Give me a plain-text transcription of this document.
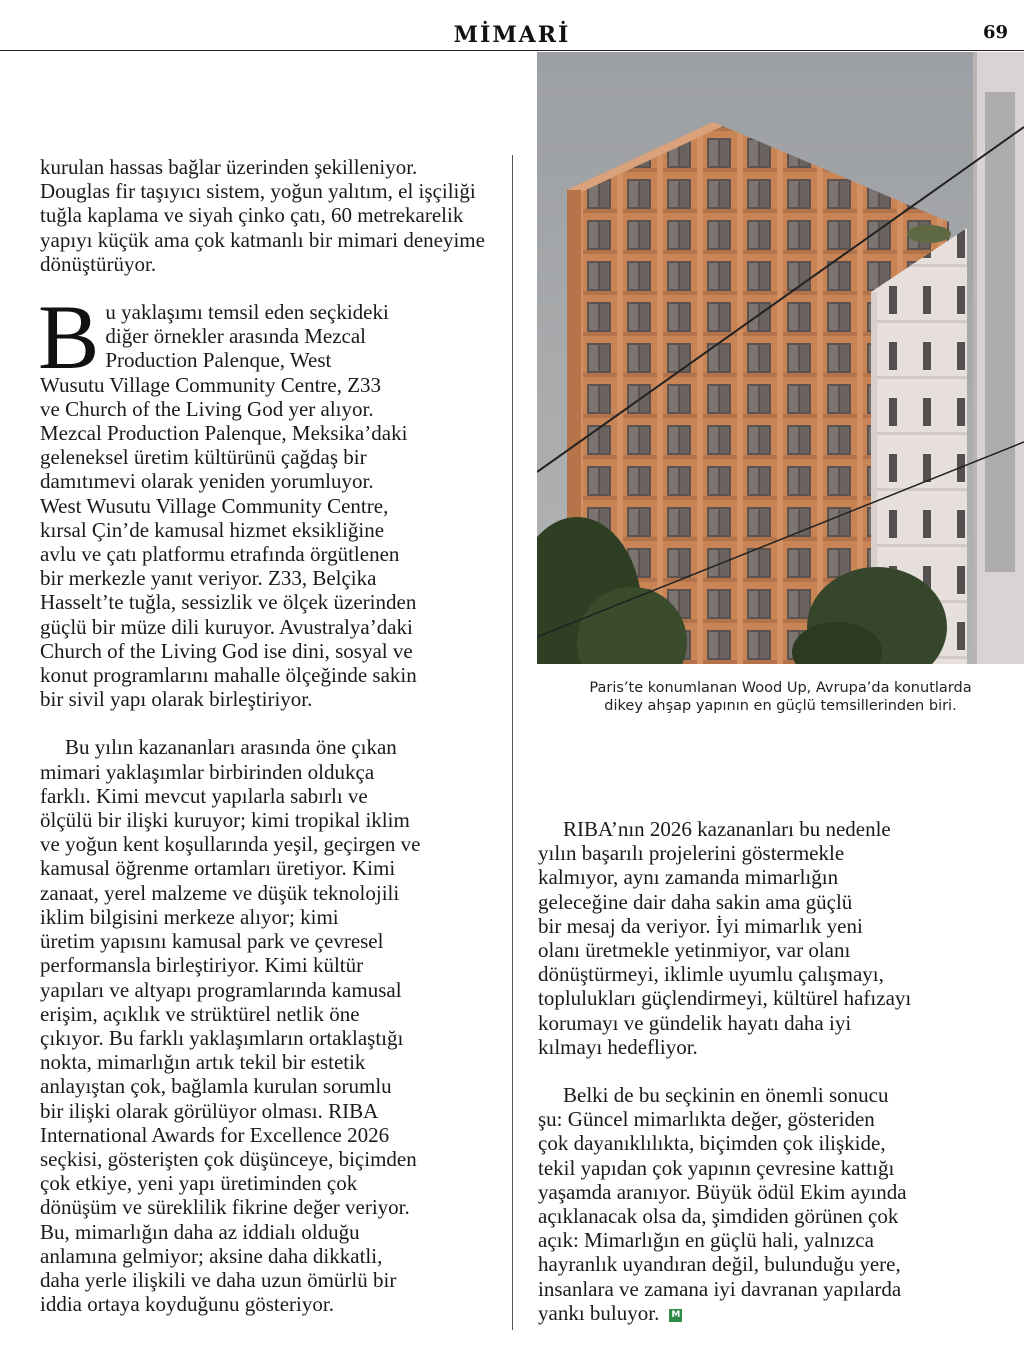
MİMARİ	69

kurulan hassas bağlar üzerinden şekilleniyor. Douglas fir taşıyıcı sistem, yoğun yalıtım, el işçiliği tuğla kaplama ve siyah çinko çatı, 60 metrekarelik yapıyı küçük ama çok katmanlı bir mimari deneyime dönüştürüyor.

B u yaklaşımı temsil eden seçkideki
diğer örnekler arasında Mezcal
Production Palenque, West
Wusutu Village Community Centre, Z33
ve Church of the Living God yer alıyor.
Mezcal Production Palenque, Meksika’daki
geleneksel üretim kültürünü çağdaş bir
damıtımevi olarak yeniden yorumluyor.
West Wusutu Village Community Centre,
kırsal Çin’de kamusal hizmet eksikliğine
avlu ve çatı platformu etrafında örgütlenen
bir merkezle yanıt veriyor. Z33, Belçika
Hasselt’te tuğla, sessizlik ve ölçek üzerinden
güçlü bir müze dili kuruyor. Avustralya’daki
Church of the Living God ise dini, sosyal ve
konut programlarını mahalle ölçeğinde sakin
bir sivil yapı olarak birleştiriyor.

Bu yılın kazananları arasında öne çıkan
mimari yaklaşımlar birbirinden oldukça
farklı. Kimi mevcut yapılarla sabırlı ve
ölçülü bir ilişki kuruyor; kimi tropikal iklim
ve yoğun kent koşullarında yeşil, geçirgen ve
kamusal öğrenme ortamları üretiyor. Kimi
zanaat, yerel malzeme ve düşük teknolojili
iklim bilgisini merkeze alıyor; kimi
üretim yapısını kamusal park ve çevresel
performansla birleştiriyor. Kimi kültür
yapıları ve altyapı programlarında kamusal
erişim, açıklık ve strüktürel netlik öne
çıkıyor. Bu farklı yaklaşımların ortaklaştığı
nokta, mimarlığın artık tekil bir estetik
anlayıştan çok, bağlamla kurulan sorumlu
bir ilişki olarak görülüyor olması. RIBA
International Awards for Excellence 2026
seçkisi, gösterişten çok düşünceye, biçimden
çok etkiye, yeni yapı üretiminden çok
dönüşüm ve süreklilik fikrine değer veriyor.
Bu, mimarlığın daha az iddialı olduğu
anlamına gelmiyor; aksine daha dikkatli,
daha yerle ilişkili ve daha uzun ömürlü bir
iddia ortaya koyduğunu gösteriyor.

Paris’te konumlanan Wood Up, Avrupa’da konutlarda
dikey ahşap yapının en güçlü temsillerinden biri.

RIBA’nın 2026 kazananları bu nedenle
yılın başarılı projelerini göstermekle
kalmıyor, aynı zamanda mimarlığın
geleceğine dair daha sakin ama güçlü
bir mesaj da veriyor. İyi mimarlık yeni
olanı üretmekle yetinmiyor, var olanı
dönüştürmeyi, iklimle uyumlu çalışmayı,
toplulukları güçlendirmeyi, kültürel hafızayı
korumayı ve gündelik hayatı daha iyi
kılmayı hedefliyor.

Belki de bu seçkinin en önemli sonucu
şu: Güncel mimarlıkta değer, gösteriden
çok dayanıklılıkta, biçimden çok ilişkide,
tekil yapıdan çok yapının çevresine kattığı
yaşamda aranıyor. Büyük ödül Ekim ayında
açıklanacak olsa da, şimdiden görünen çok
açık: Mimarlığın en güçlü hali, yalnızca
hayranlık uyandıran değil, bulunduğu yere,
insanlara ve zamana iyi davranan yapılarda
yankı buluyor. M
